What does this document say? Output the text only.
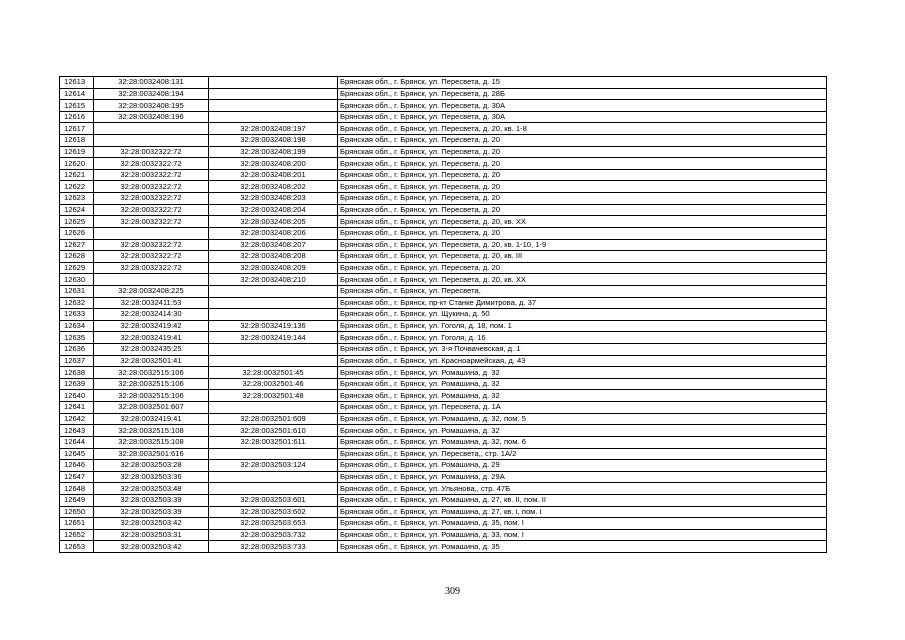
12613	32:28:0032408:131		Брянская обл., г. Брянск, ул. Пересвета, д. 15
12614	32:28:0032408:194		Брянская обл., г. Брянск, ул. Пересвета, д. 28Б
12615	32:28:0032408:195		Брянская обл., г. Брянск, ул. Пересвета, д. 30А
12616	32:28:0032408:196		Брянская обл., г. Брянск, ул. Пересвета, д. 30А
12617		32:28:0032408:197	Брянская обл., г. Брянск, ул. Пересвета, д. 20, кв. 1-8
12618		32:28:0032408:198	Брянская обл., г. Брянск, ул. Пересвета, д. 20
12619	32:28:0032322:72	32:28:0032408:199	Брянская обл., г. Брянск, ул. Пересвета, д. 20
12620	32:28:0032322:72	32:28:0032408:200	Брянская обл., г. Брянск, ул. Пересвета, д. 20
12621	32:28:0032322:72	32:28:0032408:201	Брянская обл., г. Брянск, ул. Пересвета, д. 20
12622	32:28:0032322:72	32:28:0032408:202	Брянская обл., г. Брянск, ул. Пересвета, д. 20
12623	32:28:0032322:72	32:28:0032408:203	Брянская обл., г. Брянск, ул. Пересвета, д. 20
12624	32:28:0032322:72	32:28:0032408:204	Брянская обл., г. Брянск, ул. Пересвета, д. 20
12625	32:28:0032322:72	32:28:0032408:205	Брянская обл., г. Брянск, ул. Пересвета, д. 20, кв. XX
12626		32:28:0032408:206	Брянская обл., г. Брянск, ул. Пересвета, д. 20
12627	32:28:0032322:72	32:28:0032408:207	Брянская обл., г. Брянск, ул. Пересвета, д. 20, кв. 1-10, 1-9
12628	32:28:0032322:72	32:28:0032408:208	Брянская обл., г. Брянск, ул. Пересвета, д. 20, кв. III
12629	32:28:0032322:72	32:28:0032408:209	Брянская обл., г. Брянск, ул. Пересвета, д. 20
12630		32:28:0032408:210	Брянская обл., г. Брянск, ул. Пересвета, д. 20, кв. XX
12631	32:28:0032408:225		Брянская обл., г. Брянск, ул. Пересвета,
12632	32:28:0032411:53		Брянская обл., г. Брянск, пр-кт Станке Димитрова, д. 37
12633	32:28:0032414:30		Брянская обл., г. Брянск, ул. Щукина, д. 50
12634	32:28:0032419:42	32:28:0032419:136	Брянская обл., г. Брянск, ул. Гоголя, д. 18, пом. 1
12635	32:28:0032419:41	32:28:0032419:144	Брянская обл., г. Брянск, ул. Гоголя, д. 16
12636	32:28:0032435:25		Брянская обл., г. Брянск, ул. 3-я Почвачевская, д. 1
12637	32:28:0032501:41		Брянская обл., г. Брянск, ул. Красноармейская, д. 43
12638	32:28:0032515:106	32:28:0032501:45	Брянская обл., г. Брянск, ул. Ромашина, д. 32
12639	32:28:0032515:106	32:28:0032501:46	Брянская обл., г. Брянск, ул. Ромашина, д. 32
12640	32:28:0032515:106	32:28:0032501:48	Брянская обл., г. Брянск, ул. Ромашина, д. 32
12641	32:28:0032501:607		Брянская обл., г. Брянск, ул. Пересвета, д. 1А
12642	32:28:0032419:41	32:28:0032501:609	Брянская обл., г. Брянск, ул. Ромашина, д. 32, пом. 5
12643	32:28:0032515:108	32:28:0032501:610	Брянская обл., г. Брянск, ул. Ромашина, д. 32
12644	32:28:0032515:108	32:28:0032501:611	Брянская обл., г. Брянск, ул. Ромашина, д. 32, пом. 6
12645	32:28:0032501:616		Брянская обл., г. Брянск, ул. Пересвета,, стр. 1А/2
12646	32:28:0032503:28	32:28:0032503:124	Брянская обл., г. Брянск, ул. Ромашина, д. 29
12647	32:28:0032503:36		Брянская обл., г. Брянск, ул. Ромашина, д. 29А
12648	32:28:0032503:48		Брянская обл., г. Брянск, ул. Ульянова,, стр. 47Б
12649	32:28:0032503:39	32:28:0032503:601	Брянская обл., г. Брянск, ул. Ромашина, д. 27, кв. II, пом. II
12650	32:28:0032503:39	32:28:0032503:602	Брянская обл., г. Брянск, ул. Ромашина, д. 27, кв. I, пом. I
12651	32:28:0032503:42	32:28:0032503:653	Брянская обл., г. Брянск, ул. Ромашина, д. 35, пом. I
12652	32:28:0032503:31	32:28:0032503:732	Брянская обл., г. Брянск, ул. Ромашина, д. 33, пом. I
12653	32:28:0032503:42	32:28:0032503:733	Брянская обл., г. Брянск, ул. Ромашина, д. 35
309
